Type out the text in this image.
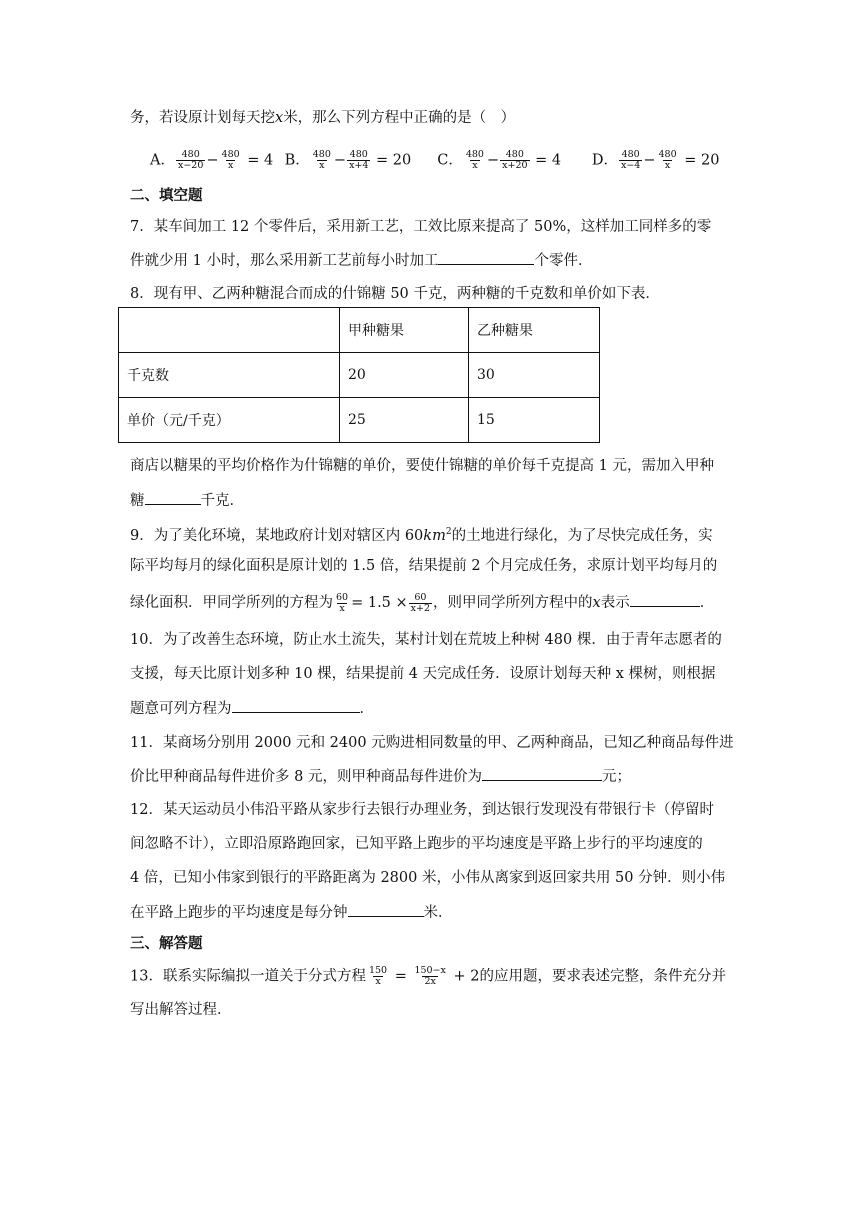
务，若设原计划每天挖x米，那么下列方程中正确的是（　）
A． $\frac{480}{x-20} - \frac{480}{x} = 4$ B． $\frac{480}{x} - \frac{480}{x+4} = 20$ C． $\frac{480}{x} - \frac{480}{x+20} = 4$ D． $\frac{480}{x-4} - \frac{480}{x} = 20$
二、填空题
7．某车间加工 12 个零件后，采用新工艺，工效比原来提高了 50%，这样加工同样多的零
件就少用 1 小时，那么采用新工艺前每小时加工	个零件．
8．现有甲、乙两种糖混合而成的什锦糖 50 千克，两种糖的千克数和单价如下表．
	甲种糖果	乙种糖果
千克数	20	30
单价（元/千克）	25	15
商店以糖果的平均价格作为什锦糖的单价，要使什锦糖的单价每千克提高 1 元，需加入甲种
糖	千克．
9．为了美化环境，某地政府计划对辖区内 $60km^2$的土地进行绿化，为了尽快完成任务，实
际平均每月的绿化面积是原计划的 1.5 倍，结果提前 2 个月完成任务，求原计划平均每月的
绿化面积．甲同学所列的方程为 $\frac{60}{x} = 1.5 \times \frac{60}{x+2}$ ，则甲同学所列方程中的x表示	．
10．为了改善生态环境，防止水土流失，某村计划在荒坡上种树 480 棵．由于青年志愿者的
支援，每天比原计划多种 10 棵，结果提前 4 天完成任务．设原计划每天种 x 棵树，则根据
题意可列方程为	．
11．某商场分别用 2000 元和 2400 元购进相同数量的甲、乙两种商品，已知乙种商品每件进
价比甲种商品每件进价多 8 元，则甲种商品每件进价为	元；
12．某天运动员小伟沿平路从家步行去银行办理业务，到达银行发现没有带银行卡（停留时
间忽略不计），立即沿原路跑回家，已知平路上跑步的平均速度是平路上步行的平均速度的
4 倍，已知小伟家到银行的平路距离为 2800 米，小伟从离家到返回家共用 50 分钟．则小伟
在平路上跑步的平均速度是每分钟	米．
三、解答题
13．联系实际编拟一道关于分式方程 $\frac{150}{x} = \frac{150-x}{2x} + 2$的应用题，要求表述完整，条件充分并
写出解答过程．
